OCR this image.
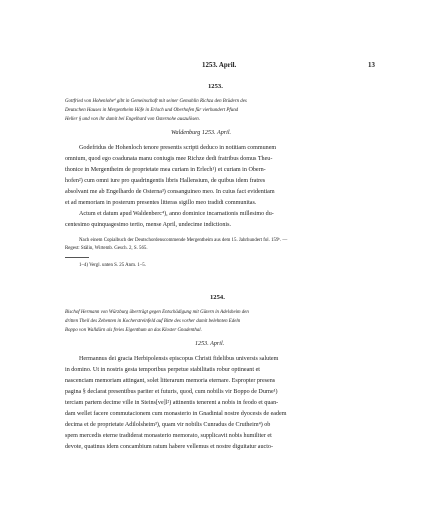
1253. April.	13
1253.
Gottfried von Hohenlohe⁴ gibt in Gemeinschaft mit seiner Gemahlin Richza den Brüdern des
Deutschen Hauses in Mergentheim Höfe in Erlach und Oberhofen für vierhundert Pfund
Heller § und von ihr damit bei Engelhard von Osternohe auszulösen.
Waldenburg 1253. April.
Godefridus de Hohenloch tenore presentis scripti deduco in notitiam communem
omnium, quod ego coadunata manu coniugis mee Richze dedi fratribus domus Theu-
thonice in Mergentheim de proprietate mea curiam in Erlech¹) et curiam in Obern-
hofen²) cum omni iure pro quadringentis libris Hallensium, de quibus idem fratres
absolvant me ab Engelhardo de Osterna³) consanguineo meo. In cuius fact evidentiam
et ad memoriam in posterum presentes litteras sigillo meo tradidi communitas.
Actum et datum apud Waldenberc⁴), anno dominice incarnationis millesimo du-
centesimo quinquagesimo tertio, mense April, undecime indictionis.
Nach einem Copialbuch der Deutschordenscommende Mergentheim aus dem 15. Jahrhundert fol. 159ᵇ. —
Regest: Stälin, Wirtemb. Gesch. 2, S. 565.
1–4) Vergl. unten S. 25 Anm. 1–5.
1254.
Bischof Hermann von Würzburg überträgt gegen Entschädigung mit Gütern in Adelsheim den
dritten Theil des Zehenten in Kocherstreinfeld auf Bitte des vorher damit belehnten Edeln
Boppo von Walldürn als freies Eigenthum an das Kloster Gnadenthal.
1253. April.
Hermannus dei gracia Herbipolensis episcopus Christi fidelibus universis salutem
in domino. Ut in nostris gesta temporibus perpetue stabilitatis robur optineant et
nascenciam memoriam attingant, solet litterarum memoria eternare. Espropter presens
pagina § declarat presentibus pariter et futuris, quod, cum nobilis vir Boppo de Durne¹)
terciam partem decime ville in Steins[ve]l²) attinentis tenerent a nobis in feodo et quan-
dam wellet facere commutacionem cum monasterio in Gnadintal nostre dyocesis de eadem
decima et de proprietate Adilolsheim³), quam vir nobilis Cunradus de Crutheim⁴) ob
spem mercedis eterne tradiderat monasterio memorato, supplicavit nobis humiliter et
devote, quatinus idem concambium ratum habere vellemus et nostre diguitatur aucto-
